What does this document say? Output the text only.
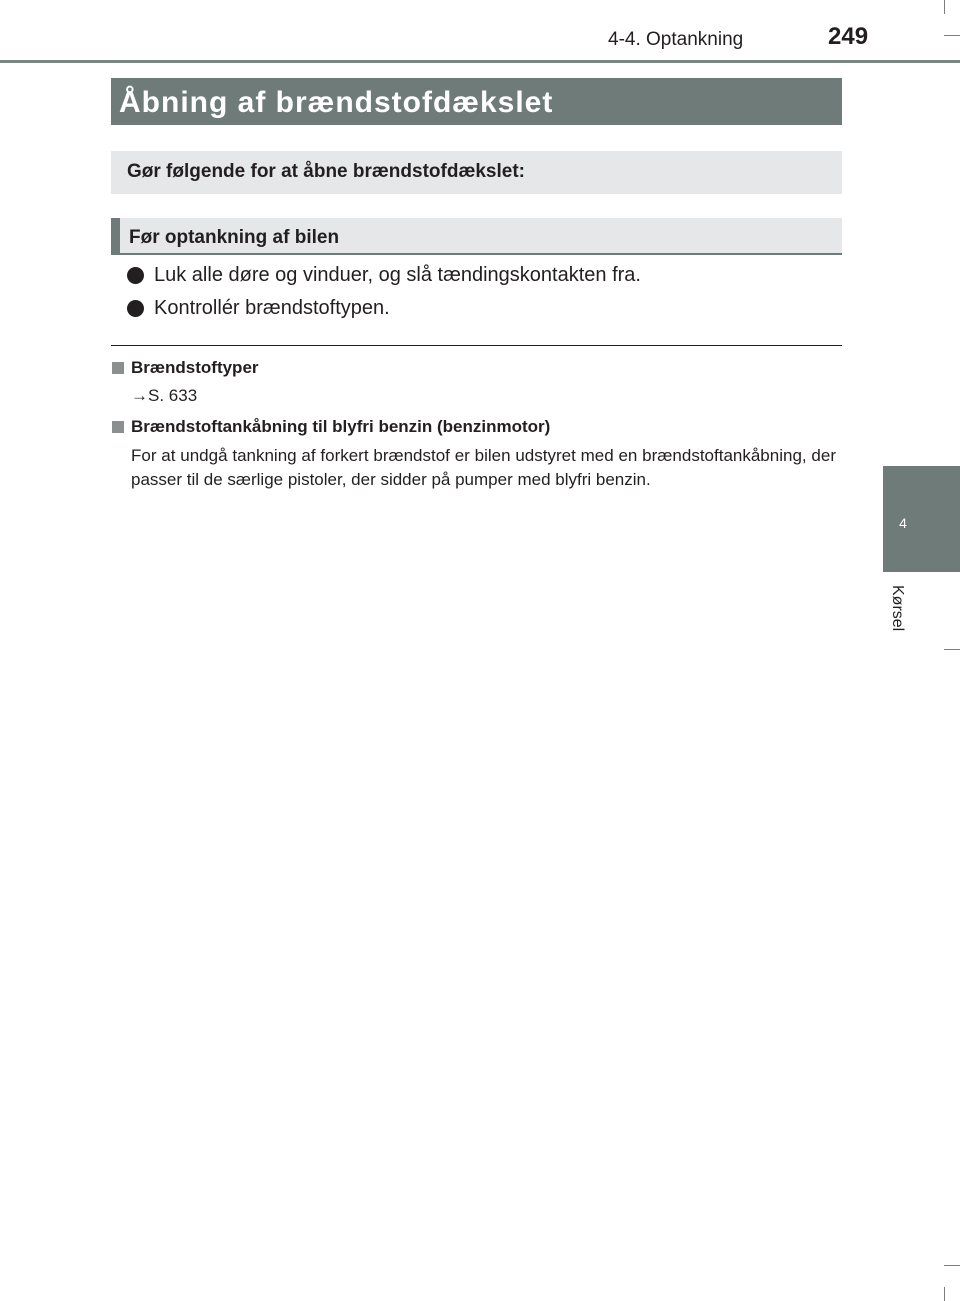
4-4. Optankning	249
4
Kørsel
Åbning af brændstofdækslet
Gør følgende for at åbne brændstofdækslet:
Før optankning af bilen
Luk alle døre og vinduer, og slå tændingskontakten fra.
Kontrollér brændstoftypen.
Brændstoftyper
→S. 633
Brændstoftankåbning til blyfri benzin (benzinmotor)
For at undgå tankning af forkert brændstof er bilen udstyret med en brændstoftankåbning, der passer til de særlige pistoler, der sidder på pumper med blyfri benzin.
